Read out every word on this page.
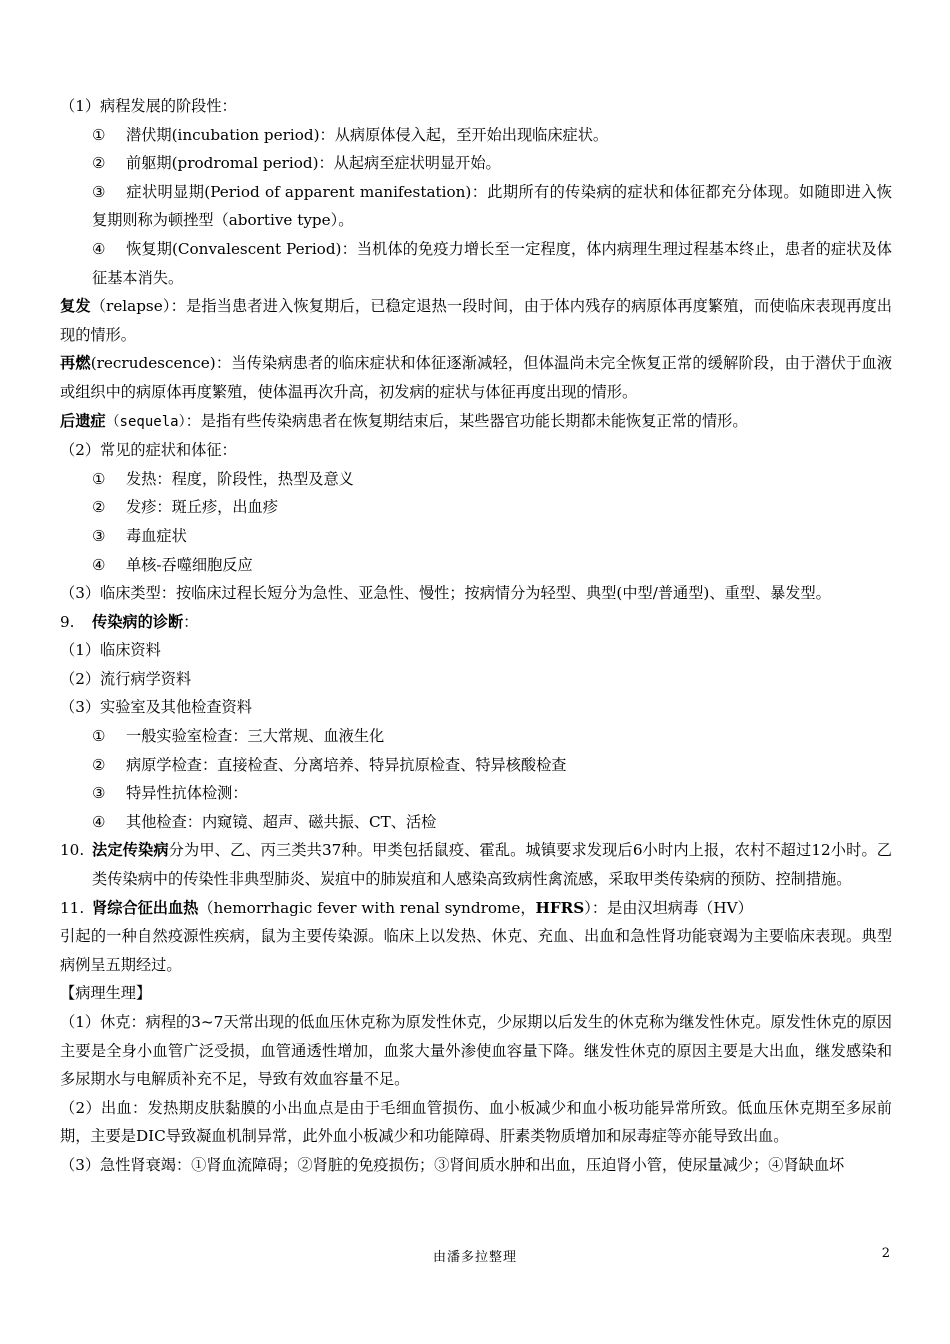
（1）病程发展的阶段性：

① 潜伏期(incubation period)：从病原体侵入起，至开始出现临床症状。

② 前躯期(prodromal period)：从起病至症状明显开始。

③ 症状明显期(Period of apparent manifestation)：此期所有的传染病的症状和体征都充分体现。如随即进入恢复期则称为顿挫型（abortive type）。

④ 恢复期(Convalescent Period)：当机体的免疫力增长至一定程度，体内病理生理过程基本终止，患者的症状及体征基本消失。

复发（relapse）：是指当患者进入恢复期后，已稳定退热一段时间，由于体内残存的病原体再度繁殖，而使临床表现再度出现的情形。

再燃(recrudescence)：当传染病患者的临床症状和体征逐渐减轻，但体温尚未完全恢复正常的缓解阶段，由于潜伏于血液或组织中的病原体再度繁殖，使体温再次升高，初发病的症状与体征再度出现的情形。

后遗症（sequela）：是指有些传染病患者在恢复期结束后，某些器官功能长期都未能恢复正常的情形。

（2）常见的症状和体征：

① 发热：程度，阶段性，热型及意义

② 发疹：斑丘疹，出血疹

③ 毒血症状

④ 单核-吞噬细胞反应

（3）临床类型：按临床过程长短分为急性、亚急性、慢性；按病情分为轻型、典型(中型/普通型)、重型、暴发型。

9.	传染病的诊断：

（1）临床资料

（2）流行病学资料

（3）实验室及其他检查资料

① 一般实验室检查：三大常规、血液生化

② 病原学检查：直接检查、分离培养、特异抗原检查、特异核酸检查

③ 特异性抗体检测：

④ 其他检查：内窥镜、超声、磁共振、CT、活检

10. 法定传染病分为甲、乙、丙三类共37种。甲类包括鼠疫、霍乱。城镇要求发现后6小时内上报，农村不超过12小时。乙类传染病中的传染性非典型肺炎、炭疽中的肺炭疽和人感染高致病性禽流感，采取甲类传染病的预防、控制措施。
11. 肾综合征出血热（hemorrhagic fever with renal syndrome，HFRS）：是由汉坦病毒（HV）

引起的一种自然疫源性疾病，鼠为主要传染源。临床上以发热、休克、充血、出血和急性肾功能衰竭为主要临床表现。典型病例呈五期经过。

【病理生理】

（1）休克：病程的3~7天常出现的低血压休克称为原发性休克，少尿期以后发生的休克称为继发性休克。原发性休克的原因主要是全身小血管广泛受损，血管通透性增加，血浆大量外渗使血容量下降。继发性休克的原因主要是大出血，继发感染和多尿期水与电解质补充不足，导致有效血容量不足。

（2）出血：发热期皮肤黏膜的小出血点是由于毛细血管损伤、血小板减少和血小板功能异常所致。低血压休克期至多尿前期，主要是DIC导致凝血机制异常，此外血小板减少和功能障碍、肝素类物质增加和尿毒症等亦能导致出血。

（3）急性肾衰竭：①肾血流障碍；②肾脏的免疫损伤；③肾间质水肿和出血，压迫肾小管，使尿量减少；④肾缺血坏

由潘多拉整理	2
